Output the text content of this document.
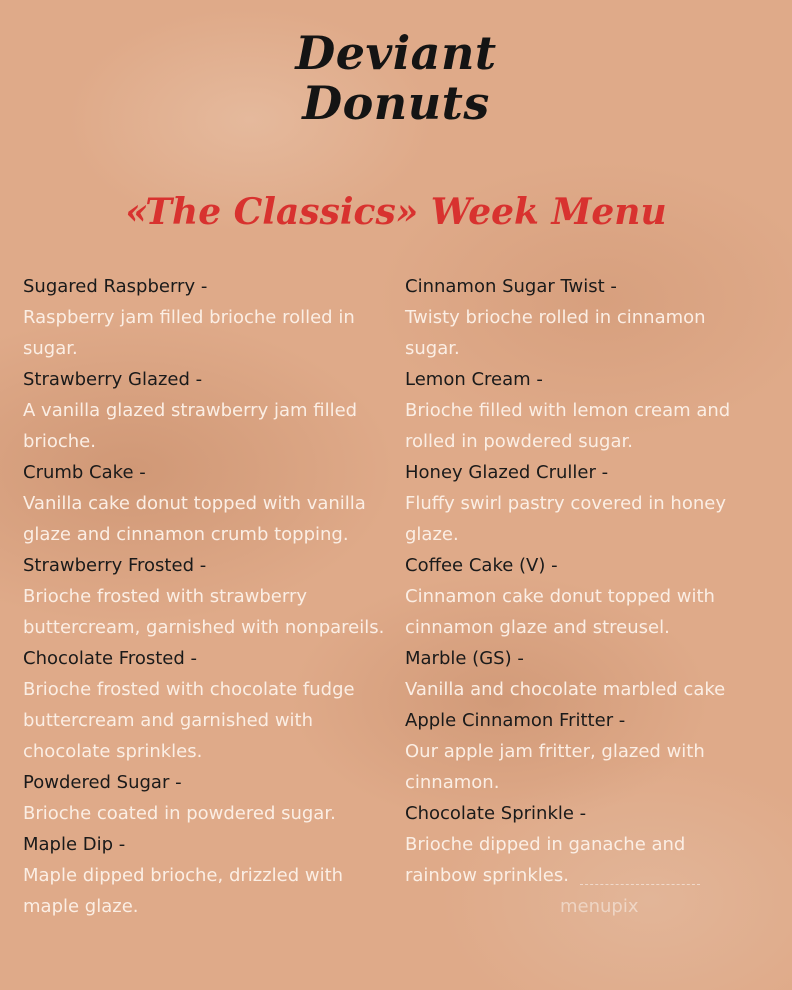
Deviant
Donuts
«The Classics» Week Menu
Sugared Raspberry -
Raspberry jam filled brioche rolled in
sugar.
Strawberry Glazed -
A vanilla glazed strawberry jam filled
brioche.
Crumb Cake -
Vanilla cake donut topped with vanilla
glaze and cinnamon crumb topping.
Strawberry Frosted -
Brioche frosted with strawberry
buttercream, garnished with nonpareils.
Chocolate Frosted -
Brioche frosted with chocolate fudge
buttercream and garnished with
chocolate sprinkles.
Powdered Sugar -
Brioche coated in powdered sugar.
Maple Dip -
Maple dipped brioche, drizzled with
maple glaze.
Cinnamon Sugar Twist -
Twisty brioche rolled in cinnamon
sugar.
Lemon Cream -
Brioche filled with lemon cream and
rolled in powdered sugar.
Honey Glazed Cruller -
Fluffy swirl pastry covered in honey
glaze.
Coffee Cake (V) -
Cinnamon cake donut topped with
cinnamon glaze and streusel.
Marble (GS) -
Vanilla and chocolate marbled cake
Apple Cinnamon Fritter -
Our apple jam fritter, glazed with
cinnamon.
Chocolate Sprinkle -
Brioche dipped in ganache and
rainbow sprinkles.
menupix
